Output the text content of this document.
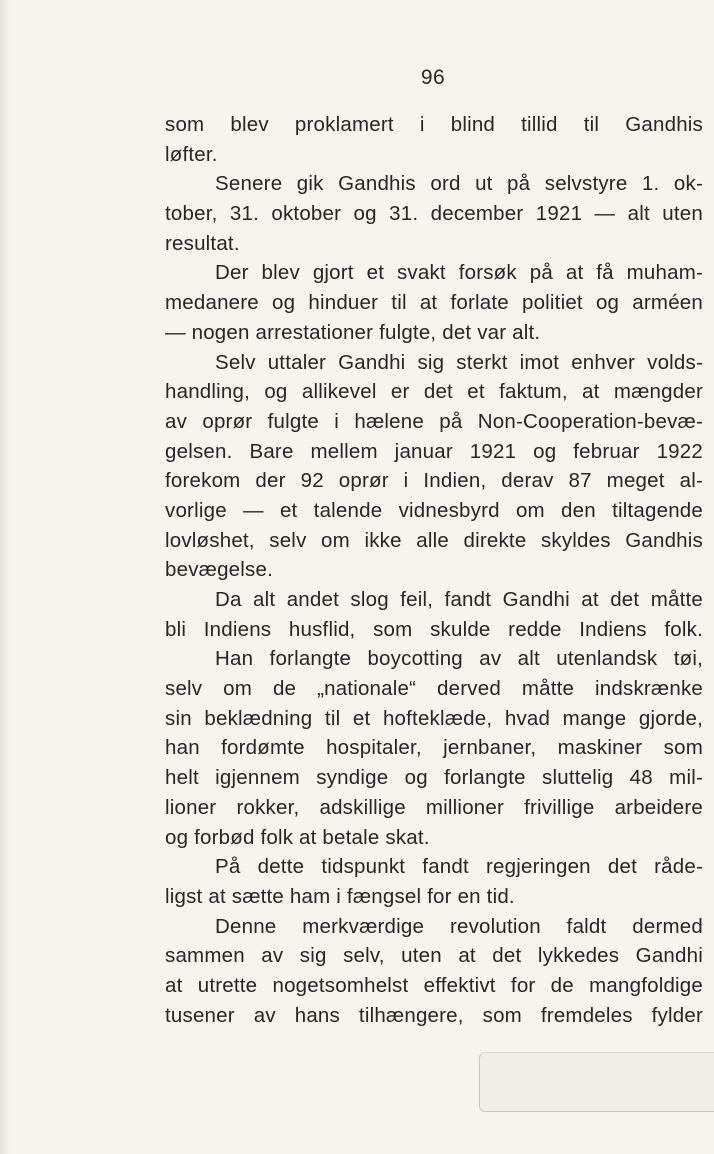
96
som blev proklamert i blind tillid til Gandhis
løfter.
Senere gik Gandhis ord ut på selvstyre 1. ok-
tober, 31. oktober og 31. december 1921 — alt uten
resultat.
Der blev gjort et svakt forsøk på at få muham-
medanere og hinduer til at forlate politiet og arméen
— nogen arrestationer fulgte, det var alt.
Selv uttaler Gandhi sig sterkt imot enhver volds-
handling, og allikevel er det et faktum, at mængder
av oprør fulgte i hælene på Non-Cooperation-bevæ-
gelsen. Bare mellem januar 1921 og februar 1922
forekom der 92 oprør i Indien, derav 87 meget al-
vorlige — et talende vidnesbyrd om den tiltagende
lovløshet, selv om ikke alle direkte skyldes Gandhis
bevægelse.
Da alt andet slog feil, fandt Gandhi at det måtte
bli Indiens husflid, som skulde redde Indiens folk.
Han forlangte boycotting av alt utenlandsk tøi,
selv om de „nationale“ derved måtte indskrænke
sin beklædning til et hofteklæde, hvad mange gjorde,
han fordømte hospitaler, jernbaner, maskiner som
helt igjennem syndige og forlangte sluttelig 48 mil-
lioner rokker, adskillige millioner frivillige arbeidere
og forbød folk at betale skat.
På dette tidspunkt fandt regjeringen det råde-
ligst at sætte ham i fængsel for en tid.
Denne merkværdige revolution faldt dermed
sammen av sig selv, uten at det lykkedes Gandhi
at utrette nogetsomhelst effektivt for de mangfoldige
tusener av hans tilhængere, som fremdeles fylder
